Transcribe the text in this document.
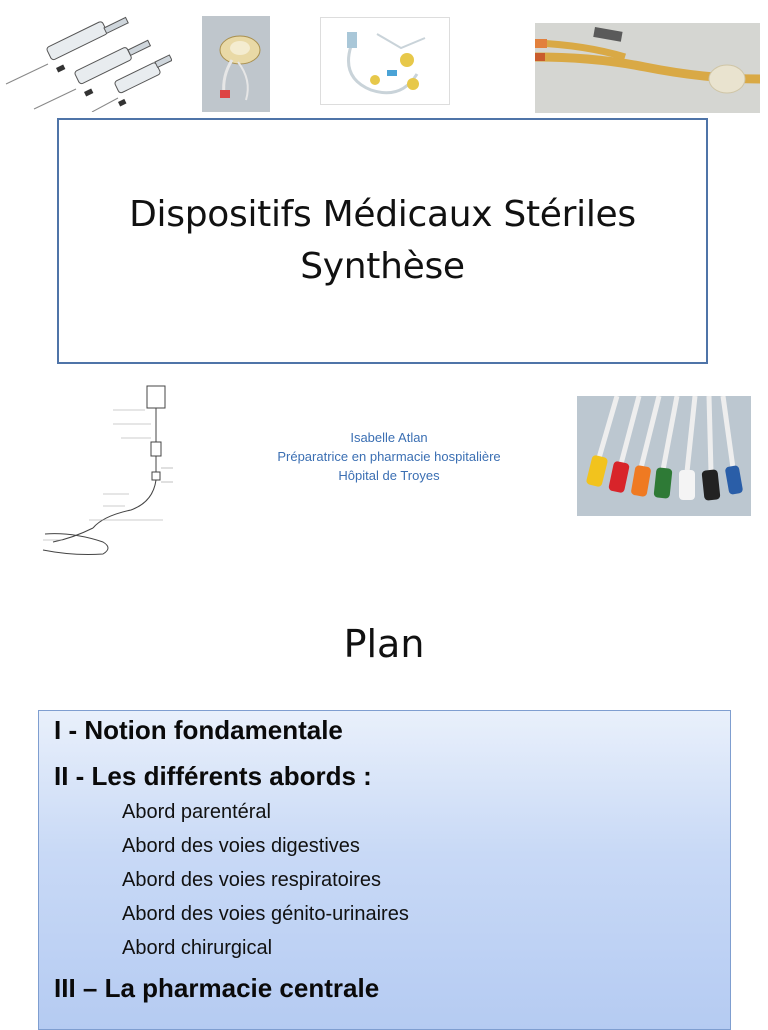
Dispositifs Médicaux Stériles
Synthèse
Isabelle Atlan
Préparatrice en pharmacie hospitalière
Hôpital de Troyes
Plan
I - Notion fondamentale
II - Les différents abords :
Abord parentéral
Abord des voies digestives
Abord des voies respiratoires
Abord des voies génito-urinaires
Abord chirurgical
III – La pharmacie centrale
